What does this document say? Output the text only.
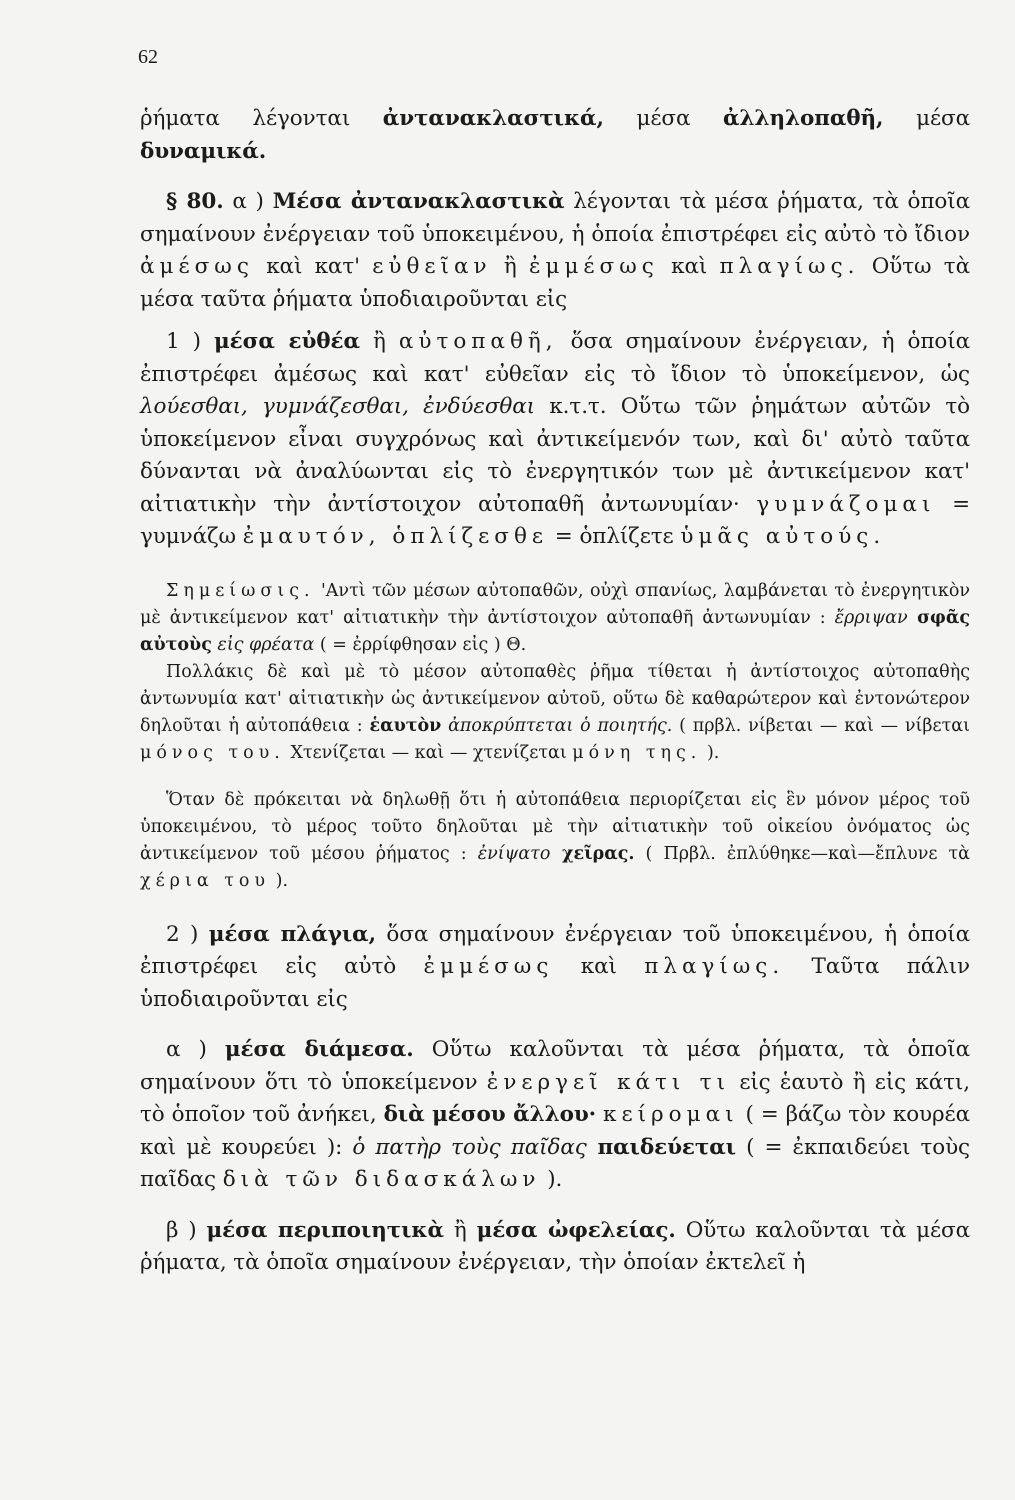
62

ῥήματα λέγονται ἀντανακλαστικά, μέσα ἀλληλοπαθῆ, μέσα δυναμικά.

§ 80. α ) Μέσα ἀντανακλαστικὰ λέγονται τὰ μέσα ῥήματα, τὰ ὁποῖα σημαίνουν ἐνέργειαν τοῦ ὑποκειμένου, ἡ ὁποία ἐπιστρέφει εἰς αὐτὸ τὸ ἴδιον ἀμέσως καὶ κατ' εὐθεῖαν ἢ ἐμμέσως καὶ πλαγίως. Οὕτω τὰ μέσα ταῦτα ῥήματα ὑποδιαιροῦνται εἰς

1 ) μέσα εὐθέα ἢ αὐτοπαθῆ, ὅσα σημαίνουν ἐνέργειαν, ἡ ὁποία ἐπιστρέφει ἀμέσως καὶ κατ' εὐθεῖαν εἰς τὸ ἴδιον τὸ ὑποκείμενον, ὡς λούεσθαι, γυμνάζεσθαι, ἐνδύεσθαι κ.τ.τ. Οὕτω τῶν ῥημάτων αὐτῶν τὸ ὑποκείμενον εἶναι συγχρόνως καὶ ἀντικείμενόν των, καὶ δι' αὐτὸ ταῦτα δύνανται νὰ ἀναλύωνται εἰς τὸ ἐνεργητικόν των μὲ ἀντικείμενον κατ' αἰτιατικὴν τὴν ἀντίστοιχον αὐτοπαθῆ ἀντωνυμίαν· γυμνάζομαι = γυμνάζω ἐμαυτόν, ὁπλίζεσθε = ὁπλίζετε ὑμᾶς αὐτούς.

Σημείωσις. 'Αντὶ τῶν μέσων αὐτοπαθῶν, οὐχὶ σπανίως, λαμβάνεται τὸ ἐνεργητικὸν μὲ ἀντικείμενον κατ' αἰτιατικὴν τὴν ἀντίστοιχον αὐτοπαθῆ ἀντωνυμίαν : ἔρριψαν σφᾶς αὐτοὺς εἰς φρέατα ( = ἐρρίφθησαν εἰς ) Θ.

Πολλάκις δὲ καὶ μὲ τὸ μέσον αὐτοπαθὲς ῥῆμα τίθεται ἡ ἀντίστοιχος αὐτοπαθὴς ἀντωνυμία κατ' αἰτιατικὴν ὡς ἀντικείμενον αὐτοῦ, οὕτω δὲ καθαρώτερον καὶ ἐντονώτερον δηλοῦται ἡ αὐτοπάθεια : ἑαυτὸν ἀποκρύπτεται ὁ ποιητής. ( πρβλ. νίβεται — καὶ — νίβεται μόνος του. Χτενίζεται — καὶ — χτενίζεται μόνη της. ).

Ὅταν δὲ πρόκειται νὰ δηλωθῇ ὅτι ἡ αὐτοπάθεια περιορίζεται εἰς ἓν μόνον μέρος τοῦ ὑποκειμένου, τὸ μέρος τοῦτο δηλοῦται μὲ τὴν αἰτιατικὴν τοῦ οἰκείου ὀνόματος ὡς ἀντικείμενον τοῦ μέσου ῥήματος : ἐνίψατο χεῖρας. ( Πρβλ. ἐπλύθηκε—καὶ—ἔπλυνε τὰ χέρια του ).

2 ) μέσα πλάγια, ὅσα σημαίνουν ἐνέργειαν τοῦ ὑποκειμένου, ἡ ὁποία ἐπιστρέφει εἰς αὐτὸ ἐμμέσως καὶ πλαγίως. Ταῦτα πάλιν ὑποδιαιροῦνται εἰς

α ) μέσα διάμεσα. Οὕτω καλοῦνται τὰ μέσα ῥήματα, τὰ ὁποῖα σημαίνουν ὅτι τὸ ὑποκείμενον ἐνεργεῖ κάτι τι εἰς ἑαυτὸ ἢ εἰς κάτι, τὸ ὁποῖον τοῦ ἀνήκει, διὰ μέσου ἄλλου· κείρομαι ( = βάζω τὸν κουρέα καὶ μὲ κουρεύει ): ὁ πατὴρ τοὺς παῖδας παιδεύεται ( = ἐκπαιδεύει τοὺς παῖδας διὰ τῶν διδασκάλων ).

β ) μέσα περιποιητικὰ ἢ μέσα ὠφελείας. Οὕτω καλοῦνται τὰ μέσα ῥήματα, τὰ ὁποῖα σημαίνουν ἐνέργειαν, τὴν ὁποίαν ἐκτελεῖ ἡ
